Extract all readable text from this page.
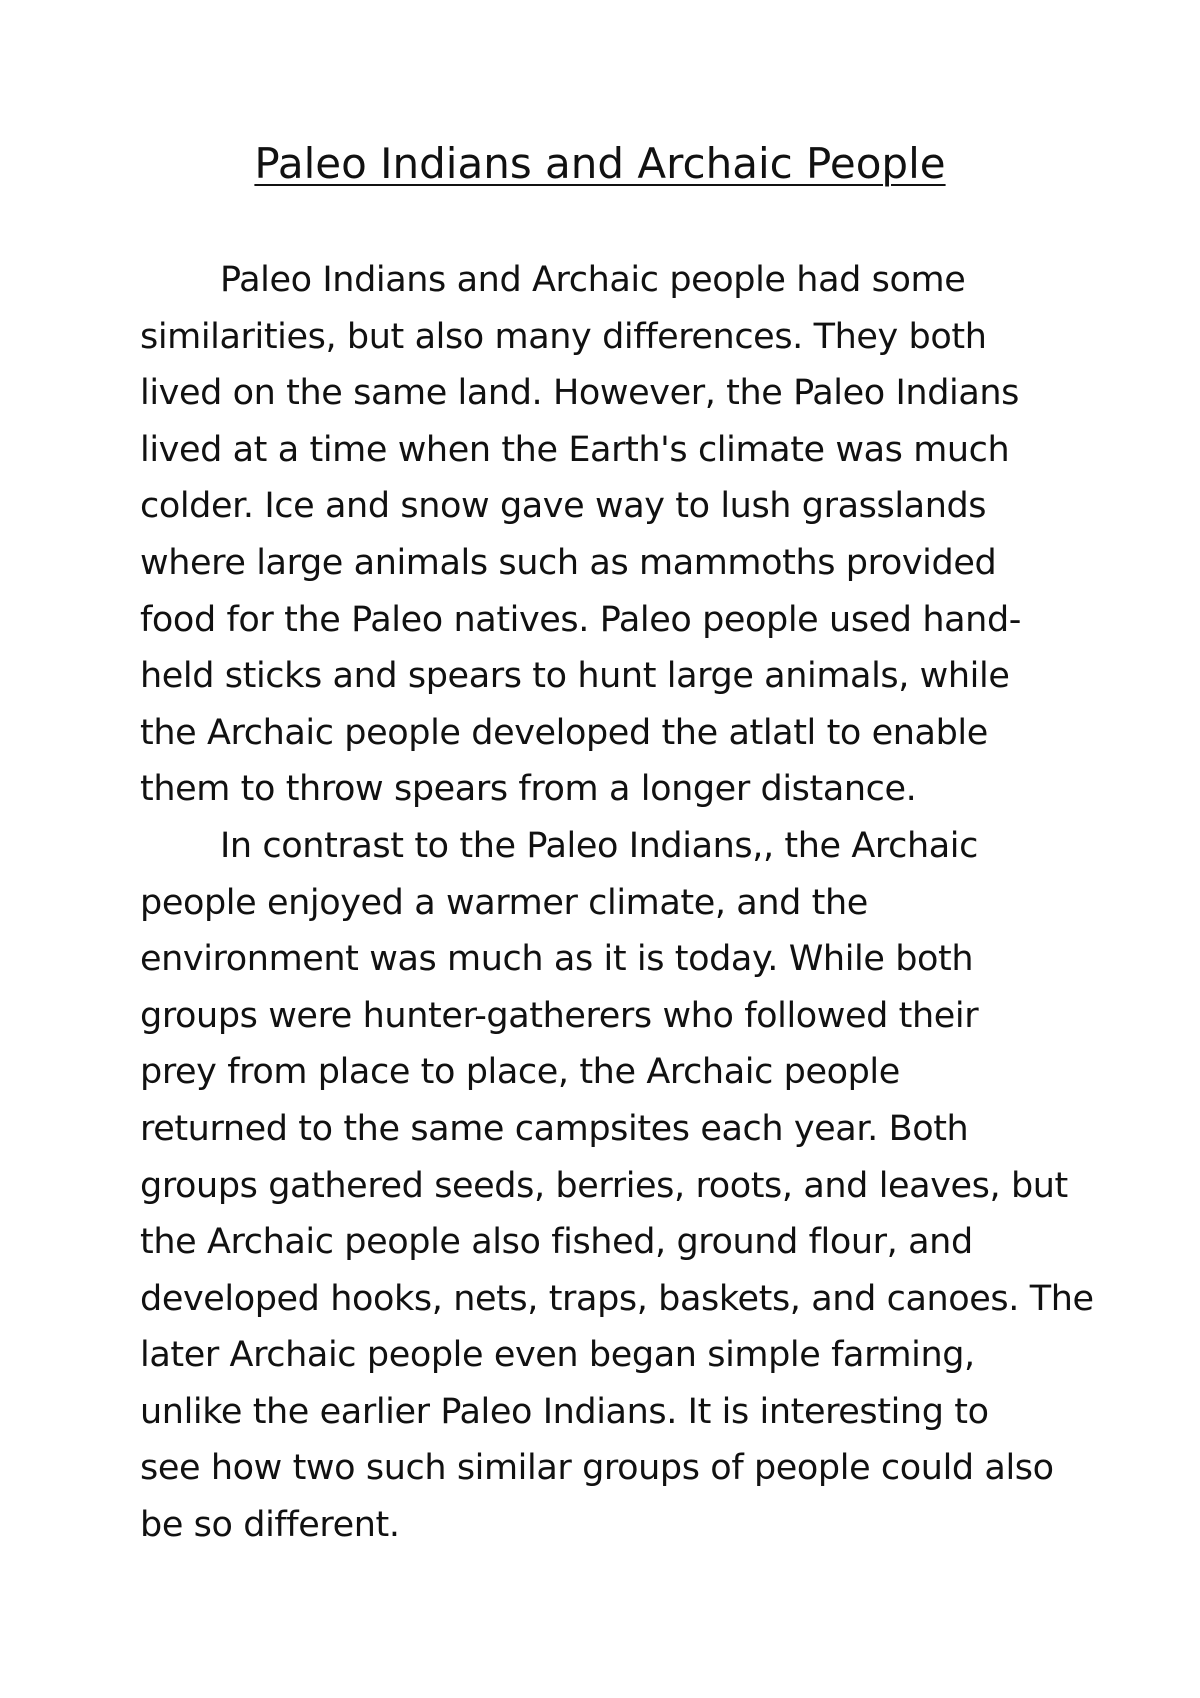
Paleo Indians and Archaic People
Paleo Indians and Archaic people had some
similarities, but also many differences. They both
lived on the same land. However, the Paleo Indians
lived at a time when the Earth's climate was much
colder. Ice and snow gave way to lush grasslands
where large animals such as mammoths provided
food for the Paleo natives. Paleo people used hand-
held sticks and spears to hunt large animals, while
the Archaic people developed the atlatl to enable
them to throw spears from a longer distance.
In contrast to the Paleo Indians,, the Archaic
people enjoyed a warmer climate, and the
environment was much as it is today. While both
groups were hunter-gatherers who followed their
prey from place to place, the Archaic people
returned to the same campsites each year. Both
groups gathered seeds, berries, roots, and leaves, but
the Archaic people also fished, ground flour, and
developed hooks, nets, traps, baskets, and canoes. The
later Archaic people even began simple farming,
unlike the earlier Paleo Indians. It is interesting to
see how two such similar groups of people could also
be so different.
